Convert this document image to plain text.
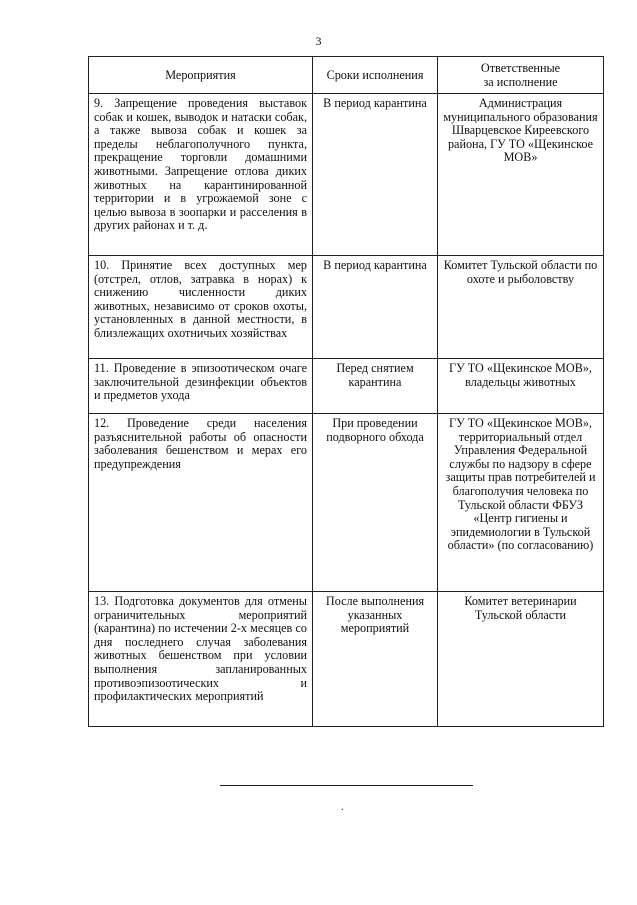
3
Мероприятия	Сроки исполнения	Ответственные
за исполнение

9. Запрещение проведения выставок собак и кошек, выводок и натаски собак, а также вывоза собак и кошек за пределы неблагополучного пункта, прекращение торговли домашними животными. Запрещение отлова диких животных на карантинированной территории и в угрожаемой зоне с целью вывоза в зоопарки и расселения в других районах и т. д.	В период карантина	Администрация муниципального образования Шварцевское Киреевского района, ГУ ТО «Щекинское МОВ»
10. Принятие всех доступных мер (отстрел, отлов, затравка в норах) к снижению численности диких животных, независимо от сроков охоты, установленных в данной местности, в близлежащих охотничьих хозяйствах	В период карантина	Комитет Тульской области по охоте и рыболовству
11. Проведение в эпизоотическом очаге заключительной дезинфекции объектов и предметов ухода	Перед снятием карантина	ГУ ТО «Щекинское МОВ», владельцы животных
12. Проведение среди населения разъяснительной работы об опасности заболевания бешенством и мерах его предупреждения	При проведении подворного обхода	ГУ ТО «Щекинское МОВ», территориальный отдел Управления Федеральной службы по надзору в сфере защиты прав потребителей и благополучия человека по Тульской области ФБУЗ «Центр гигиены и эпидемиологии в Тульской области» (по согласованию)
13. Подготовка документов для отмены ограничительных мероприятий (карантина) по истечении 2-х месяцев со дня последнего случая заболевания животных бешенством при условии выполнения запланированных противоэпизоотических и профилактических мероприятий	После выполнения указанных мероприятий	Комитет ветеринарии Тульской области
.
